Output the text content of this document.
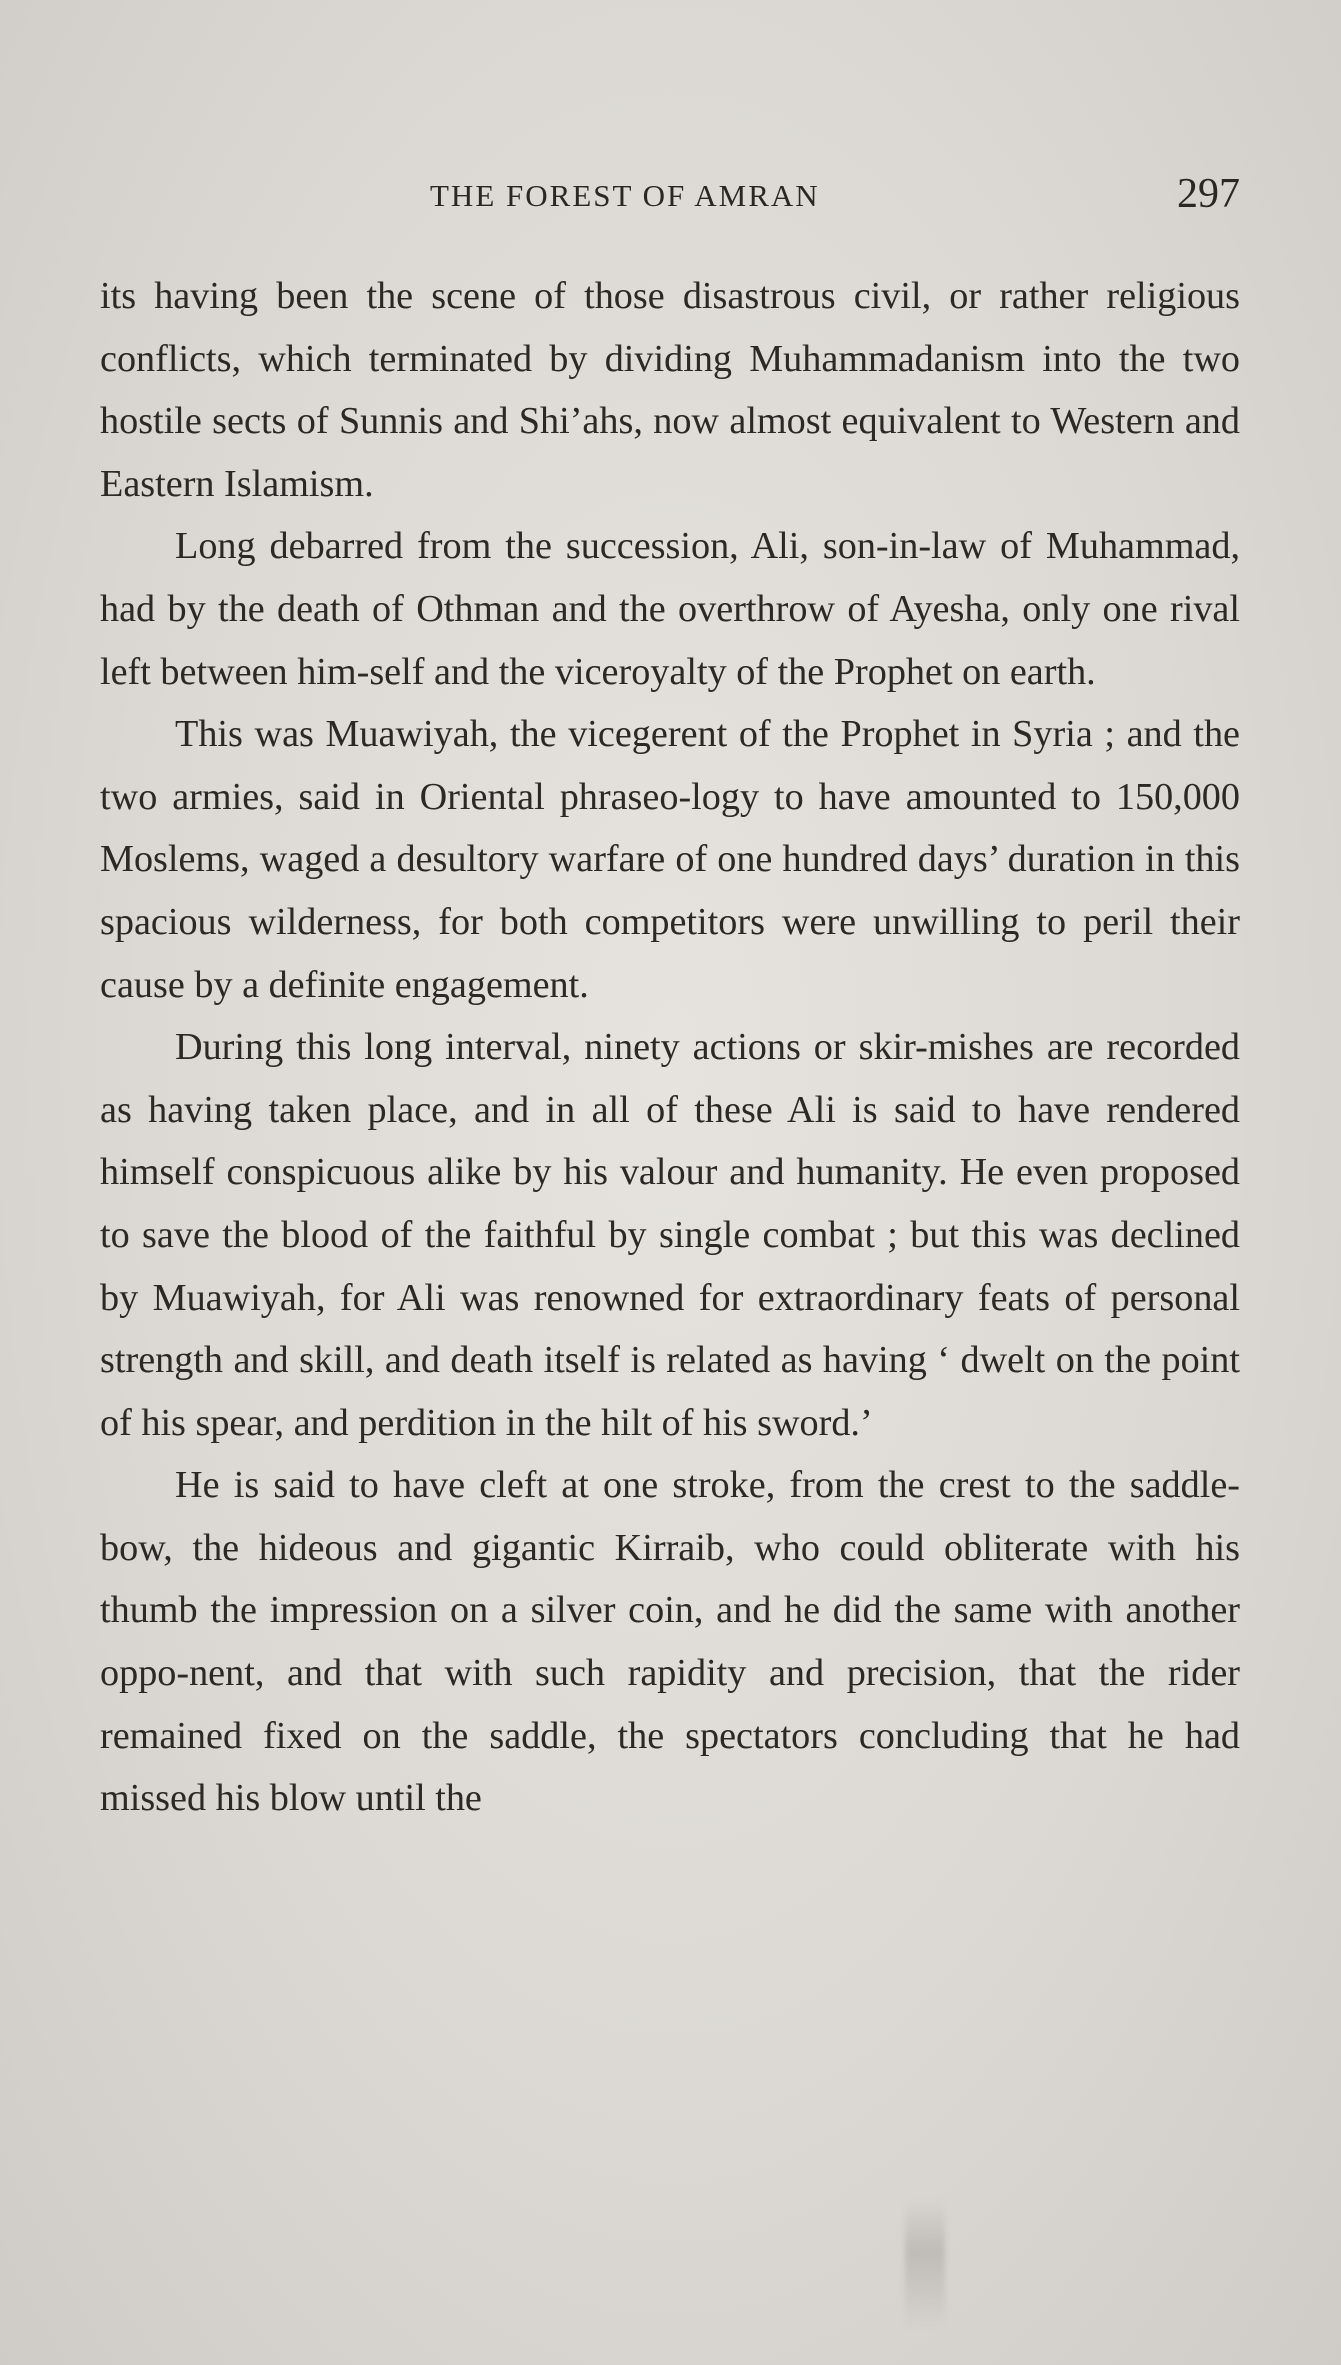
THE FOREST OF AMRAN	297

its having been the scene of those disastrous civil, or rather religious conflicts, which terminated by dividing Muhammadanism into the two hostile sects of Sunnis and Shi’ahs, now almost equivalent to Western and Eastern Islamism.

Long debarred from the succession, Ali, son-in-law of Muhammad, had by the death of Othman and the overthrow of Ayesha, only one rival left between him-self and the viceroyalty of the Prophet on earth.

This was Muawiyah, the vicegerent of the Prophet in Syria ; and the two armies, said in Oriental phraseo-logy to have amounted to 150,000 Moslems, waged a desultory warfare of one hundred days’ duration in this spacious wilderness, for both competitors were unwilling to peril their cause by a definite engagement.

During this long interval, ninety actions or skir-mishes are recorded as having taken place, and in all of these Ali is said to have rendered himself conspicuous alike by his valour and humanity. He even proposed to save the blood of the faithful by single combat ; but this was declined by Muawiyah, for Ali was renowned for extraordinary feats of personal strength and skill, and death itself is related as having ‘ dwelt on the point of his spear, and perdition in the hilt of his sword.’

He is said to have cleft at one stroke, from the crest to the saddle-bow, the hideous and gigantic Kirraib, who could obliterate with his thumb the impression on a silver coin, and he did the same with another oppo-nent, and that with such rapidity and precision, that the rider remained fixed on the saddle, the spectators concluding that he had missed his blow until the
